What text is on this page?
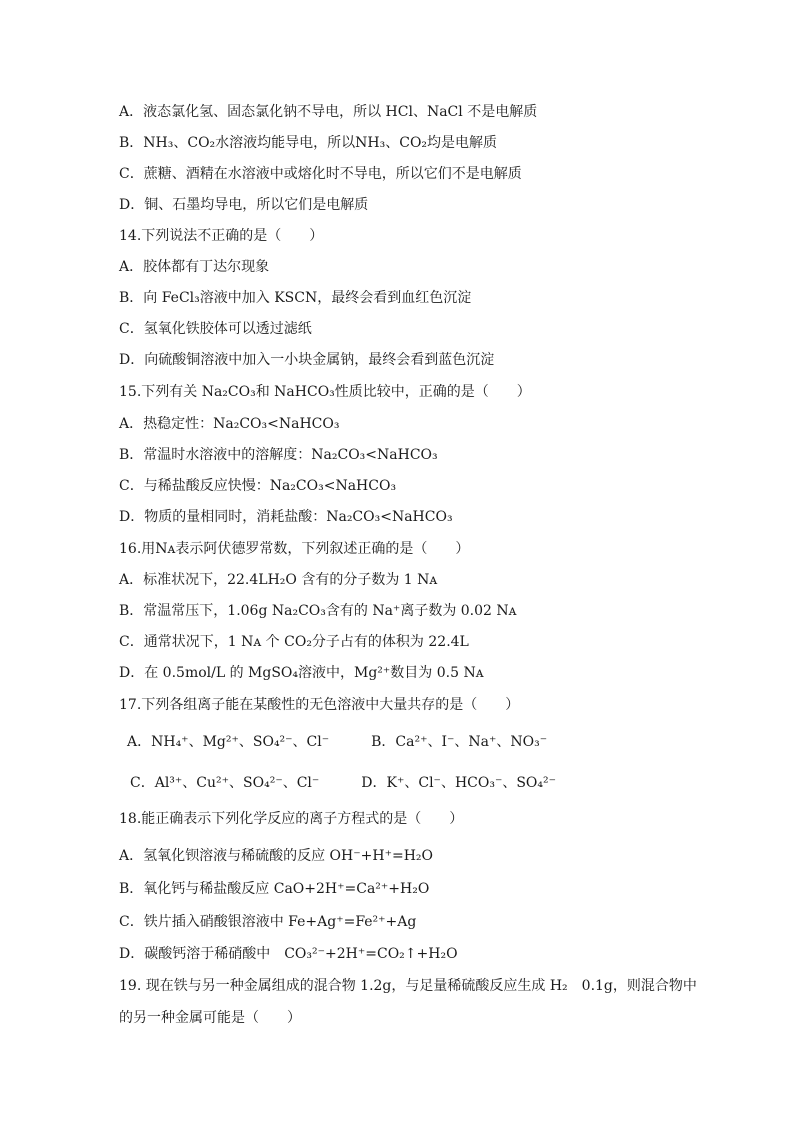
A．液态氯化氢、固态氯化钠不导电，所以 HCl、NaCl 不是电解质
B．NH₃、CO₂水溶液均能导电，所以NH₃、CO₂均是电解质
C．蔗糖、酒精在水溶液中或熔化时不导电，所以它们不是电解质
D．铜、石墨均导电，所以它们是电解质
14.下列说法不正确的是（　　）
A．胶体都有丁达尔现象
B．向 FeCl₃溶液中加入 KSCN，最终会看到血红色沉淀
C．氢氧化铁胶体可以透过滤纸
D．向硫酸铜溶液中加入一小块金属钠，最终会看到蓝色沉淀
15.下列有关 Na₂CO₃和 NaHCO₃性质比较中，正确的是（　　）
A．热稳定性：Na₂CO₃<NaHCO₃
B．常温时水溶液中的溶解度：Na₂CO₃<NaHCO₃
C．与稀盐酸反应快慢：Na₂CO₃<NaHCO₃
D．物质的量相同时，消耗盐酸：Na₂CO₃<NaHCO₃
16.用Nᴀ表示阿伏德罗常数，下列叙述正确的是（　　）
A．标准状况下，22.4LH₂O 含有的分子数为 1 Nᴀ
B．常温常压下，1.06g Na₂CO₃含有的 Na⁺离子数为 0.02 Nᴀ
C．通常状况下，1 Nᴀ 个 CO₂分子占有的体积为 22.4L
D．在 0.5mol/L 的 MgSO₄溶液中，Mg²⁺数目为 0.5 Nᴀ
17.下列各组离子能在某酸性的无色溶液中大量共存的是（　　）
A．NH₄⁺、Mg²⁺、SO₄²⁻、Cl⁻　　　B．Ca²⁺、I⁻、Na⁺、NO₃⁻
C．Al³⁺、Cu²⁺、SO₄²⁻、Cl⁻　　　D．K⁺、Cl⁻、HCO₃⁻、SO₄²⁻
18.能正确表示下列化学反应的离子方程式的是（　　）
A．氢氧化钡溶液与稀硫酸的反应 OH⁻+H⁺=H₂O
B．氧化钙与稀盐酸反应 CaO+2H⁺=Ca²⁺+H₂O
C．铁片插入硝酸银溶液中 Fe+Ag⁺=Fe²⁺+Ag
D．碳酸钙溶于稀硝酸中　CO₃²⁻+2H⁺=CO₂↑+H₂O
19. 现在铁与另一种金属组成的混合物 1.2g，与足量稀硫酸反应生成 H₂　0.1g，则混合物中
的另一种金属可能是（　　）
